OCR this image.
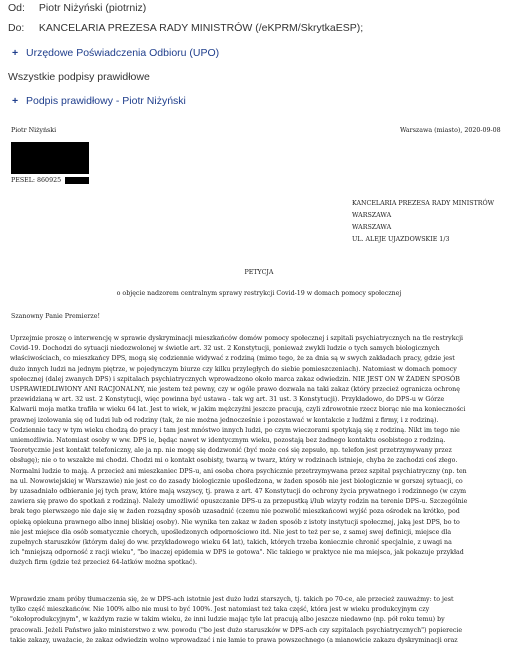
Od: Piotr Niżyński (piotrniz)
Do: KANCELARIA PREZESA RADY MINISTRÓW (/eKPRM/SkrytkaESP);
+ Urzędowe Poświadczenia Odbioru (UPO)
Wszystkie podpisy prawidłowe
+ Podpis prawidłowy - Piotr Niżyński
Piotr Niżyński	Warszawa (miasto), 2020-09-08
PESEL: 860925
KANCELARIA PREZESA RADY MINISTRÓW
WARSZAWA
WARSZAWA
UL. ALEJE UJAZDOWSKIE 1/3
PETYCJA
o objęcie nadzorem centralnym sprawy restrykcji Covid-19 w domach pomocy społecznej
Szanowny Panie Premierze!

Uprzejmie proszę o interwencję w sprawie dyskryminacji mieszkańców domów pomocy społecznej i szpitali psychiatrycznych na tle restrykcji

Covid-19. Dochodzi do sytuacji niedozwolonej w świetle art. 32 ust. 2 Konstytucji, ponieważ zwykli ludzie o tych samych biologicznych

właściwościach, co mieszkańcy DPS, mogą się codziennie widywać z rodziną (mimo tego, że za dnia są w swych zakładach pracy, gdzie jest

dużo innych ludzi na jednym piętrze, w pojedynczym biurze czy kilku przyległych do siebie pomieszczeniach). Natomiast w domach pomocy

społecznej (dalej zwanych DPS) i szpitalach psychiatrycznych wprowadzono około marca zakaz odwiedzin. NIE JEST ON W ŻADEN SPOSÓB

USPRAWIEDLIWIONY ANI RACJONALNY, nie jestem też pewny, czy w ogóle prawo dozwala na taki zakaz (który przecież ogranicza ochronę

przewidzianą w art. 32 ust. 2 Konstytucji, więc powinna być ustawa - tak wg art. 31 ust. 3 Konstytucji). Przykładowo, do DPS-u w Górze

Kalwarii moja matka trafiła w wieku 64 lat. Jest to wiek, w jakim mężczyźni jeszcze pracują, czyli zdrowotnie rzecz biorąc nie ma konieczności

prawnej izolowania się od ludzi lub od rodziny (tak, że nie można jednocześnie i pozostawać w kontakcie z ludźmi z firmy, i z rodziną).

Codziennie tacy w tym wieku chodzą do pracy i tam jest mnóstwo innych ludzi, po czym wieczorami spotykają się z rodziną. Nikt im tego nie

uniemożliwia. Natomiast osoby w ww. DPS ie, będąc nawet w identycznym wieku, pozostają bez żadnego kontaktu osobistego z rodziną.

Teoretycznie jest kontakt telefoniczny, ale ja np. nie mogę się dodzwonić (być może coś się zepsuło, np. telefon jest przetrzymywany przez

obsługę); nie o to wszakże mi chodzi. Chodzi mi o kontakt osobisty, twarzą w twarz, który w rodzinach istnieje, chyba że zachodzi coś złego.

Normalni ludzie to mają. A przecież ani mieszkaniec DPS-u, ani osoba chora psychicznie przetrzymywana przez szpital psychiatryczny (np. ten

na ul. Nowowiejskiej w Warszawie) nie jest co do zasady biologicznie upośledzona, w żaden sposób nie jest biologicznie w gorszej sytuacji, co

by uzasadniało odbieranie jej tych praw, które mają wszyscy, tj. prawa z art. 47 Konstytucji do ochrony życia prywatnego i rodzinnego (w czym

zawiera się prawo do spotkań z rodziną). Należy umożliwić opuszczanie DPS-u za przepustką i/lub wizyty rodzin na terenie DPS-u. Szczególnie

brak tego pierwszego nie daje się w żaden rozsądny sposób uzasadnić (czemu nie pozwolić mieszkańcowi wyjść poza ośrodek na krótko, pod

opieką opiekuna prawnego albo innej bliskiej osoby). Nie wynika ten zakaz w żaden sposób z istoty instytucji społecznej, jaką jest DPS, bo to

nie jest miejsce dla osób somatycznie chorych, upośledzonych odpornościowo itd. Nie jest to też per se, z samej swej definicji, miejsce dla

zupełnych staruszków (którym dalej do ww. przykładowego wieku 64 lat), takich, których trzeba koniecznie chronić specjalnie, z uwagi na

ich "mniejszą odporność z racji wieku", "bo inaczej epidemia w DPS ie gotowa". Nic takiego w praktyce nie ma miejsca, jak pokazuje przykład

dużych firm (gdzie też przecież 64-latków można spotkać).

Wprawdzie znam próby tłumaczenia się, że w DPS-ach istotnie jest dużo ludzi starszych, tj. takich po 70-ce, ale przecież zauważmy: to jest

tylko część mieszkańców. Nie 100% albo nie musi to być 100%. Jest natomiast też taka część, która jest w wieku produkcyjnym czy

"okołoprodukcyjnym", w każdym razie w takim wieku, że inni ludzie mając tyle lat pracują albo jeszcze niedawno (np. pół roku temu) by

pracowali. Jeżeli Państwo jako ministerstwo z ww. powodu ("bo jest dużo staruszków w DPS-ach czy szpitalach psychiatrycznych") popierecie

takie zakazy, uważacie, że zakaz odwiedzin wolno wprowadzać i nie łamie to prawa powszechnego (a mianowicie zakazu dyskryminacji oraz
